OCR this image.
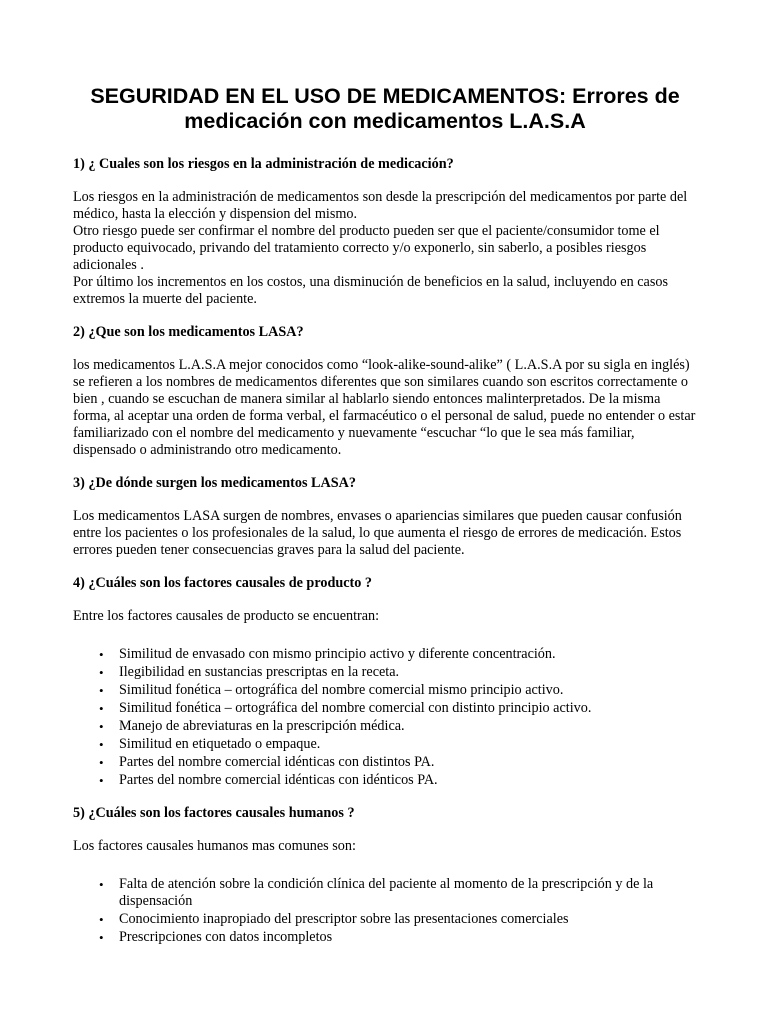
SEGURIDAD EN EL USO DE MEDICAMENTOS: Errores de medicación con medicamentos L.A.S.A
1) ¿ Cuales son los riesgos en la administración de medicación?
Los riesgos en la administración de medicamentos son desde la prescripción del medicamentos por parte del médico, hasta la elección y dispension del mismo.
Otro riesgo puede ser confirmar el nombre del producto pueden ser que el paciente/consumidor tome el producto equivocado, privando del tratamiento correcto y/o exponerlo, sin saberlo, a posibles riesgos adicionales .
Por último los incrementos en los costos, una disminución de beneficios en la salud, incluyendo en casos extremos la muerte del paciente.
2) ¿Que son los medicamentos LASA?
los medicamentos L.A.S.A mejor conocidos como “look-alike-sound-alike” ( L.A.S.A por su sigla en inglés) se refieren a los nombres de medicamentos diferentes que son similares cuando son escritos correctamente o bien , cuando se escuchan de manera similar al hablarlo siendo entonces malinterpretados. De la misma forma, al aceptar una orden de forma verbal, el farmacéutico o el personal de salud, puede no entender o estar familiarizado con el nombre del medicamento y nuevamente “escuchar “lo que le sea más familiar, dispensado o administrando otro medicamento.
3) ¿De dónde surgen los medicamentos LASA?
Los medicamentos LASA surgen de nombres, envases o apariencias similares que pueden causar confusión entre los pacientes o los profesionales de la salud, lo que aumenta el riesgo de errores de medicación. Estos errores pueden tener consecuencias graves para la salud del paciente.
4) ¿Cuáles son los factores causales de producto ?
Entre los factores causales de producto se encuentran:
• Similitud de envasado con mismo principio activo y diferente concentración.
• Ilegibilidad en sustancias prescriptas en la receta.
• Similitud fonética – ortográfica del nombre comercial mismo principio activo.
• Similitud fonética – ortográfica del nombre comercial con distinto principio activo.
• Manejo de abreviaturas en la prescripción médica.
• Similitud en etiquetado o empaque.
• Partes del nombre comercial idénticas con distintos PA.
• Partes del nombre comercial idénticas con idénticos PA.
5) ¿Cuáles son los factores causales humanos ?
Los factores causales humanos mas comunes son:
• Falta de atención sobre la condición clínica del paciente al momento de la prescripción y de la dispensación
• Conocimiento inapropiado del prescriptor sobre las presentaciones comerciales
• Prescripciones con datos incompletos
